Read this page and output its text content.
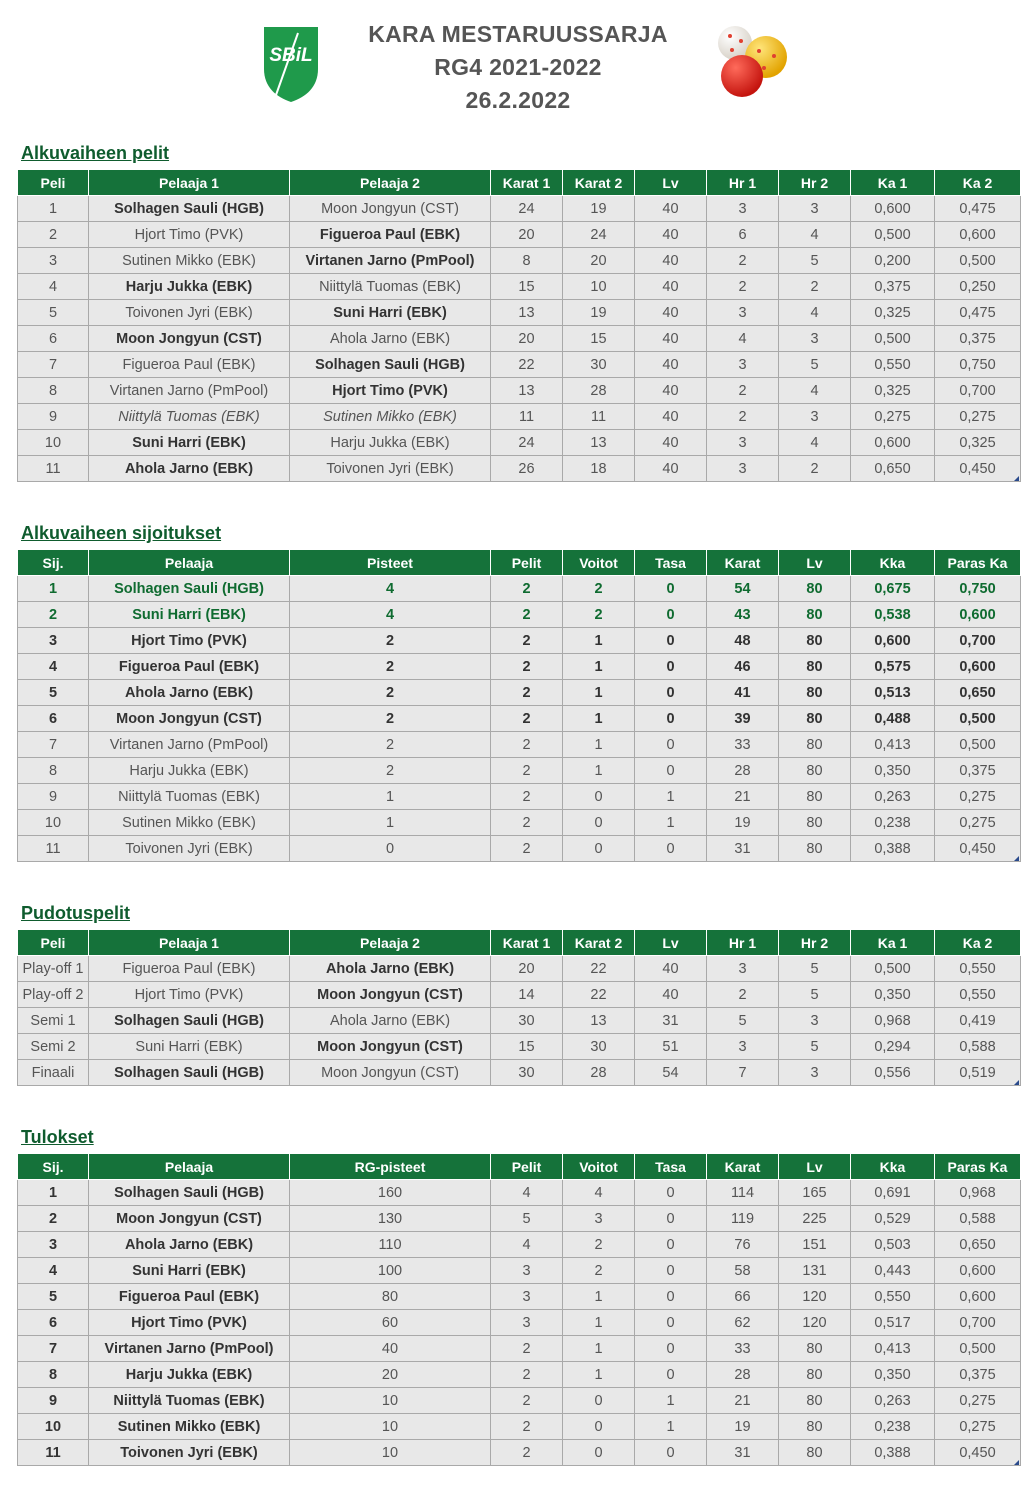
SBiL
KARA MESTARUUSSARJA
RG4 2021-2022
26.2.2022
Alkuvaiheen pelit
Peli	Pelaaja 1	Pelaaja 2	Karat 1	Karat 2	Lv	Hr 1	Hr 2	Ka 1	Ka 2
1	Solhagen Sauli (HGB)	Moon Jongyun (CST)	24	19	40	3	3	0,600	0,475
2	Hjort Timo (PVK)	Figueroa Paul (EBK)	20	24	40	6	4	0,500	0,600
3	Sutinen Mikko (EBK)	Virtanen Jarno (PmPool)	8	20	40	2	5	0,200	0,500
4	Harju Jukka (EBK)	Niittylä Tuomas (EBK)	15	10	40	2	2	0,375	0,250
5	Toivonen Jyri (EBK)	Suni Harri (EBK)	13	19	40	3	4	0,325	0,475
6	Moon Jongyun (CST)	Ahola Jarno (EBK)	20	15	40	4	3	0,500	0,375
7	Figueroa Paul (EBK)	Solhagen Sauli (HGB)	22	30	40	3	5	0,550	0,750
8	Virtanen Jarno (PmPool)	Hjort Timo (PVK)	13	28	40	2	4	0,325	0,700
9	Niittylä Tuomas (EBK)	Sutinen Mikko (EBK)	11	11	40	2	3	0,275	0,275
10	Suni Harri (EBK)	Harju Jukka (EBK)	24	13	40	3	4	0,600	0,325
11	Ahola Jarno (EBK)	Toivonen Jyri (EBK)	26	18	40	3	2	0,650	0,450
Alkuvaiheen sijoitukset
Sij.	Pelaaja	Pisteet	Pelit	Voitot	Tasa	Karat	Lv	Kka	Paras Ka
1	Solhagen Sauli (HGB)	4	2	2	0	54	80	0,675	0,750
2	Suni Harri (EBK)	4	2	2	0	43	80	0,538	0,600
3	Hjort Timo (PVK)	2	2	1	0	48	80	0,600	0,700
4	Figueroa Paul (EBK)	2	2	1	0	46	80	0,575	0,600
5	Ahola Jarno (EBK)	2	2	1	0	41	80	0,513	0,650
6	Moon Jongyun (CST)	2	2	1	0	39	80	0,488	0,500
7	Virtanen Jarno (PmPool)	2	2	1	0	33	80	0,413	0,500
8	Harju Jukka (EBK)	2	2	1	0	28	80	0,350	0,375
9	Niittylä Tuomas (EBK)	1	2	0	1	21	80	0,263	0,275
10	Sutinen Mikko (EBK)	1	2	0	1	19	80	0,238	0,275
11	Toivonen Jyri (EBK)	0	2	0	0	31	80	0,388	0,450
Pudotuspelit
Peli	Pelaaja 1	Pelaaja 2	Karat 1	Karat 2	Lv	Hr 1	Hr 2	Ka 1	Ka 2
Play-off 1	Figueroa Paul (EBK)	Ahola Jarno (EBK)	20	22	40	3	5	0,500	0,550
Play-off 2	Hjort Timo (PVK)	Moon Jongyun (CST)	14	22	40	2	5	0,350	0,550
Semi 1	Solhagen Sauli (HGB)	Ahola Jarno (EBK)	30	13	31	5	3	0,968	0,419
Semi 2	Suni Harri (EBK)	Moon Jongyun (CST)	15	30	51	3	5	0,294	0,588
Finaali	Solhagen Sauli (HGB)	Moon Jongyun (CST)	30	28	54	7	3	0,556	0,519
Tulokset
Sij.	Pelaaja	RG-pisteet	Pelit	Voitot	Tasa	Karat	Lv	Kka	Paras Ka
1	Solhagen Sauli (HGB)	160	4	4	0	114	165	0,691	0,968
2	Moon Jongyun (CST)	130	5	3	0	119	225	0,529	0,588
3	Ahola Jarno (EBK)	110	4	2	0	76	151	0,503	0,650
4	Suni Harri (EBK)	100	3	2	0	58	131	0,443	0,600
5	Figueroa Paul (EBK)	80	3	1	0	66	120	0,550	0,600
6	Hjort Timo (PVK)	60	3	1	0	62	120	0,517	0,700
7	Virtanen Jarno (PmPool)	40	2	1	0	33	80	0,413	0,500
8	Harju Jukka (EBK)	20	2	1	0	28	80	0,350	0,375
9	Niittylä Tuomas (EBK)	10	2	0	1	21	80	0,263	0,275
10	Sutinen Mikko (EBK)	10	2	0	1	19	80	0,238	0,275
11	Toivonen Jyri (EBK)	10	2	0	0	31	80	0,388	0,450
